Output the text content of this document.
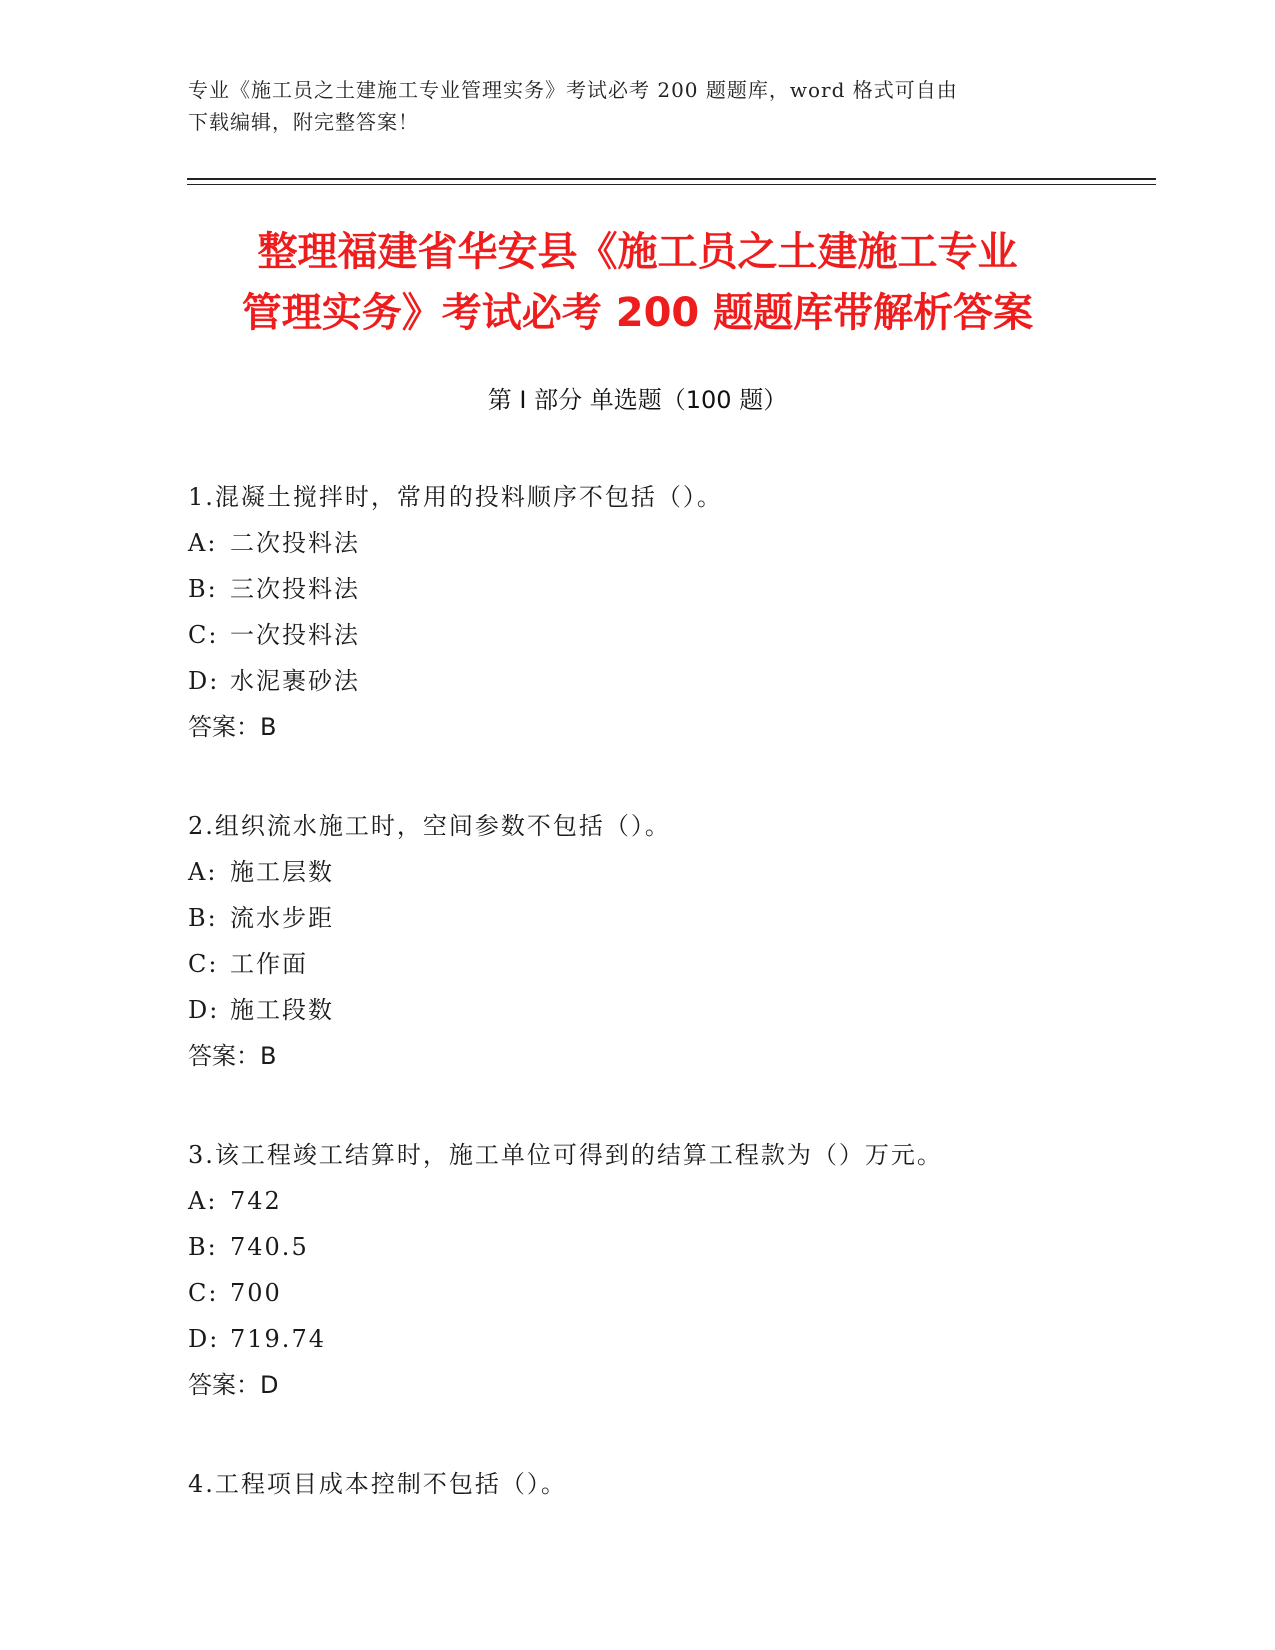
专业《施工员之土建施工专业管理实务》考试必考 200 题题库，word 格式可自由
下载编辑，附完整答案！
整理福建省华安县《施工员之土建施工专业
管理实务》考试必考 200 题题库带解析答案
第 I 部分 单选题（100 题）
1.混凝土搅拌时，常用的投料顺序不包括（）。
A: 二次投料法
B: 三次投料法
C: 一次投料法
D: 水泥裹砂法
答案：B
2.组织流水施工时，空间参数不包括（）。
A: 施工层数
B: 流水步距
C: 工作面
D: 施工段数
答案：B
3.该工程竣工结算时，施工单位可得到的结算工程款为（）万元。
A: 742
B: 740.5
C: 700
D: 719.74
答案：D
4.工程项目成本控制不包括（）。
